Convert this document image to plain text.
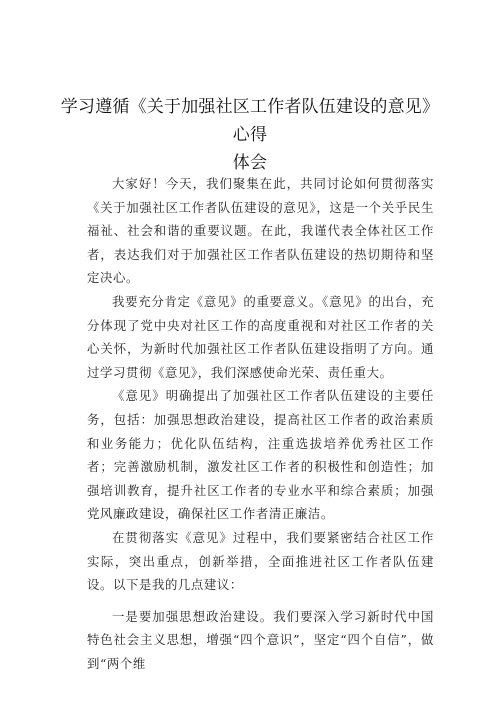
学习遵循《关于加强社区工作者队伍建设的意见》心得
体会

大家好！今天，我们聚集在此，共同讨论如何贯彻落实《关于加强社区工作者队伍建设的意见》，这是一个关乎民生福祉、社会和谐的重要议题。在此，我谨代表全体社区工作者，表达我们对于加强社区工作者队伍建设的热切期待和坚定决心。

我要充分肯定《意见》的重要意义。《意见》的出台，充分体现了党中央对社区工作的高度重视和对社区工作者的关心关怀，为新时代加强社区工作者队伍建设指明了方向。通过学习贯彻《意见》，我们深感使命光荣、责任重大。

《意见》明确提出了加强社区工作者队伍建设的主要任务，包括：加强思想政治建设，提高社区工作者的政治素质和业务能力；优化队伍结构，注重选拔培养优秀社区工作者；完善激励机制，激发社区工作者的积极性和创造性；加强培训教育，提升社区工作者的专业水平和综合素质；加强党风廉政建设，确保社区工作者清正廉洁。

在贯彻落实《意见》过程中，我们要紧密结合社区工作实际，突出重点，创新举措，全面推进社区工作者队伍建设。以下是我的几点建议：

一是要加强思想政治建设。我们要深入学习新时代中国特色社会主义思想，增强“四个意识”，坚定“四个自信”，做到“两个维
